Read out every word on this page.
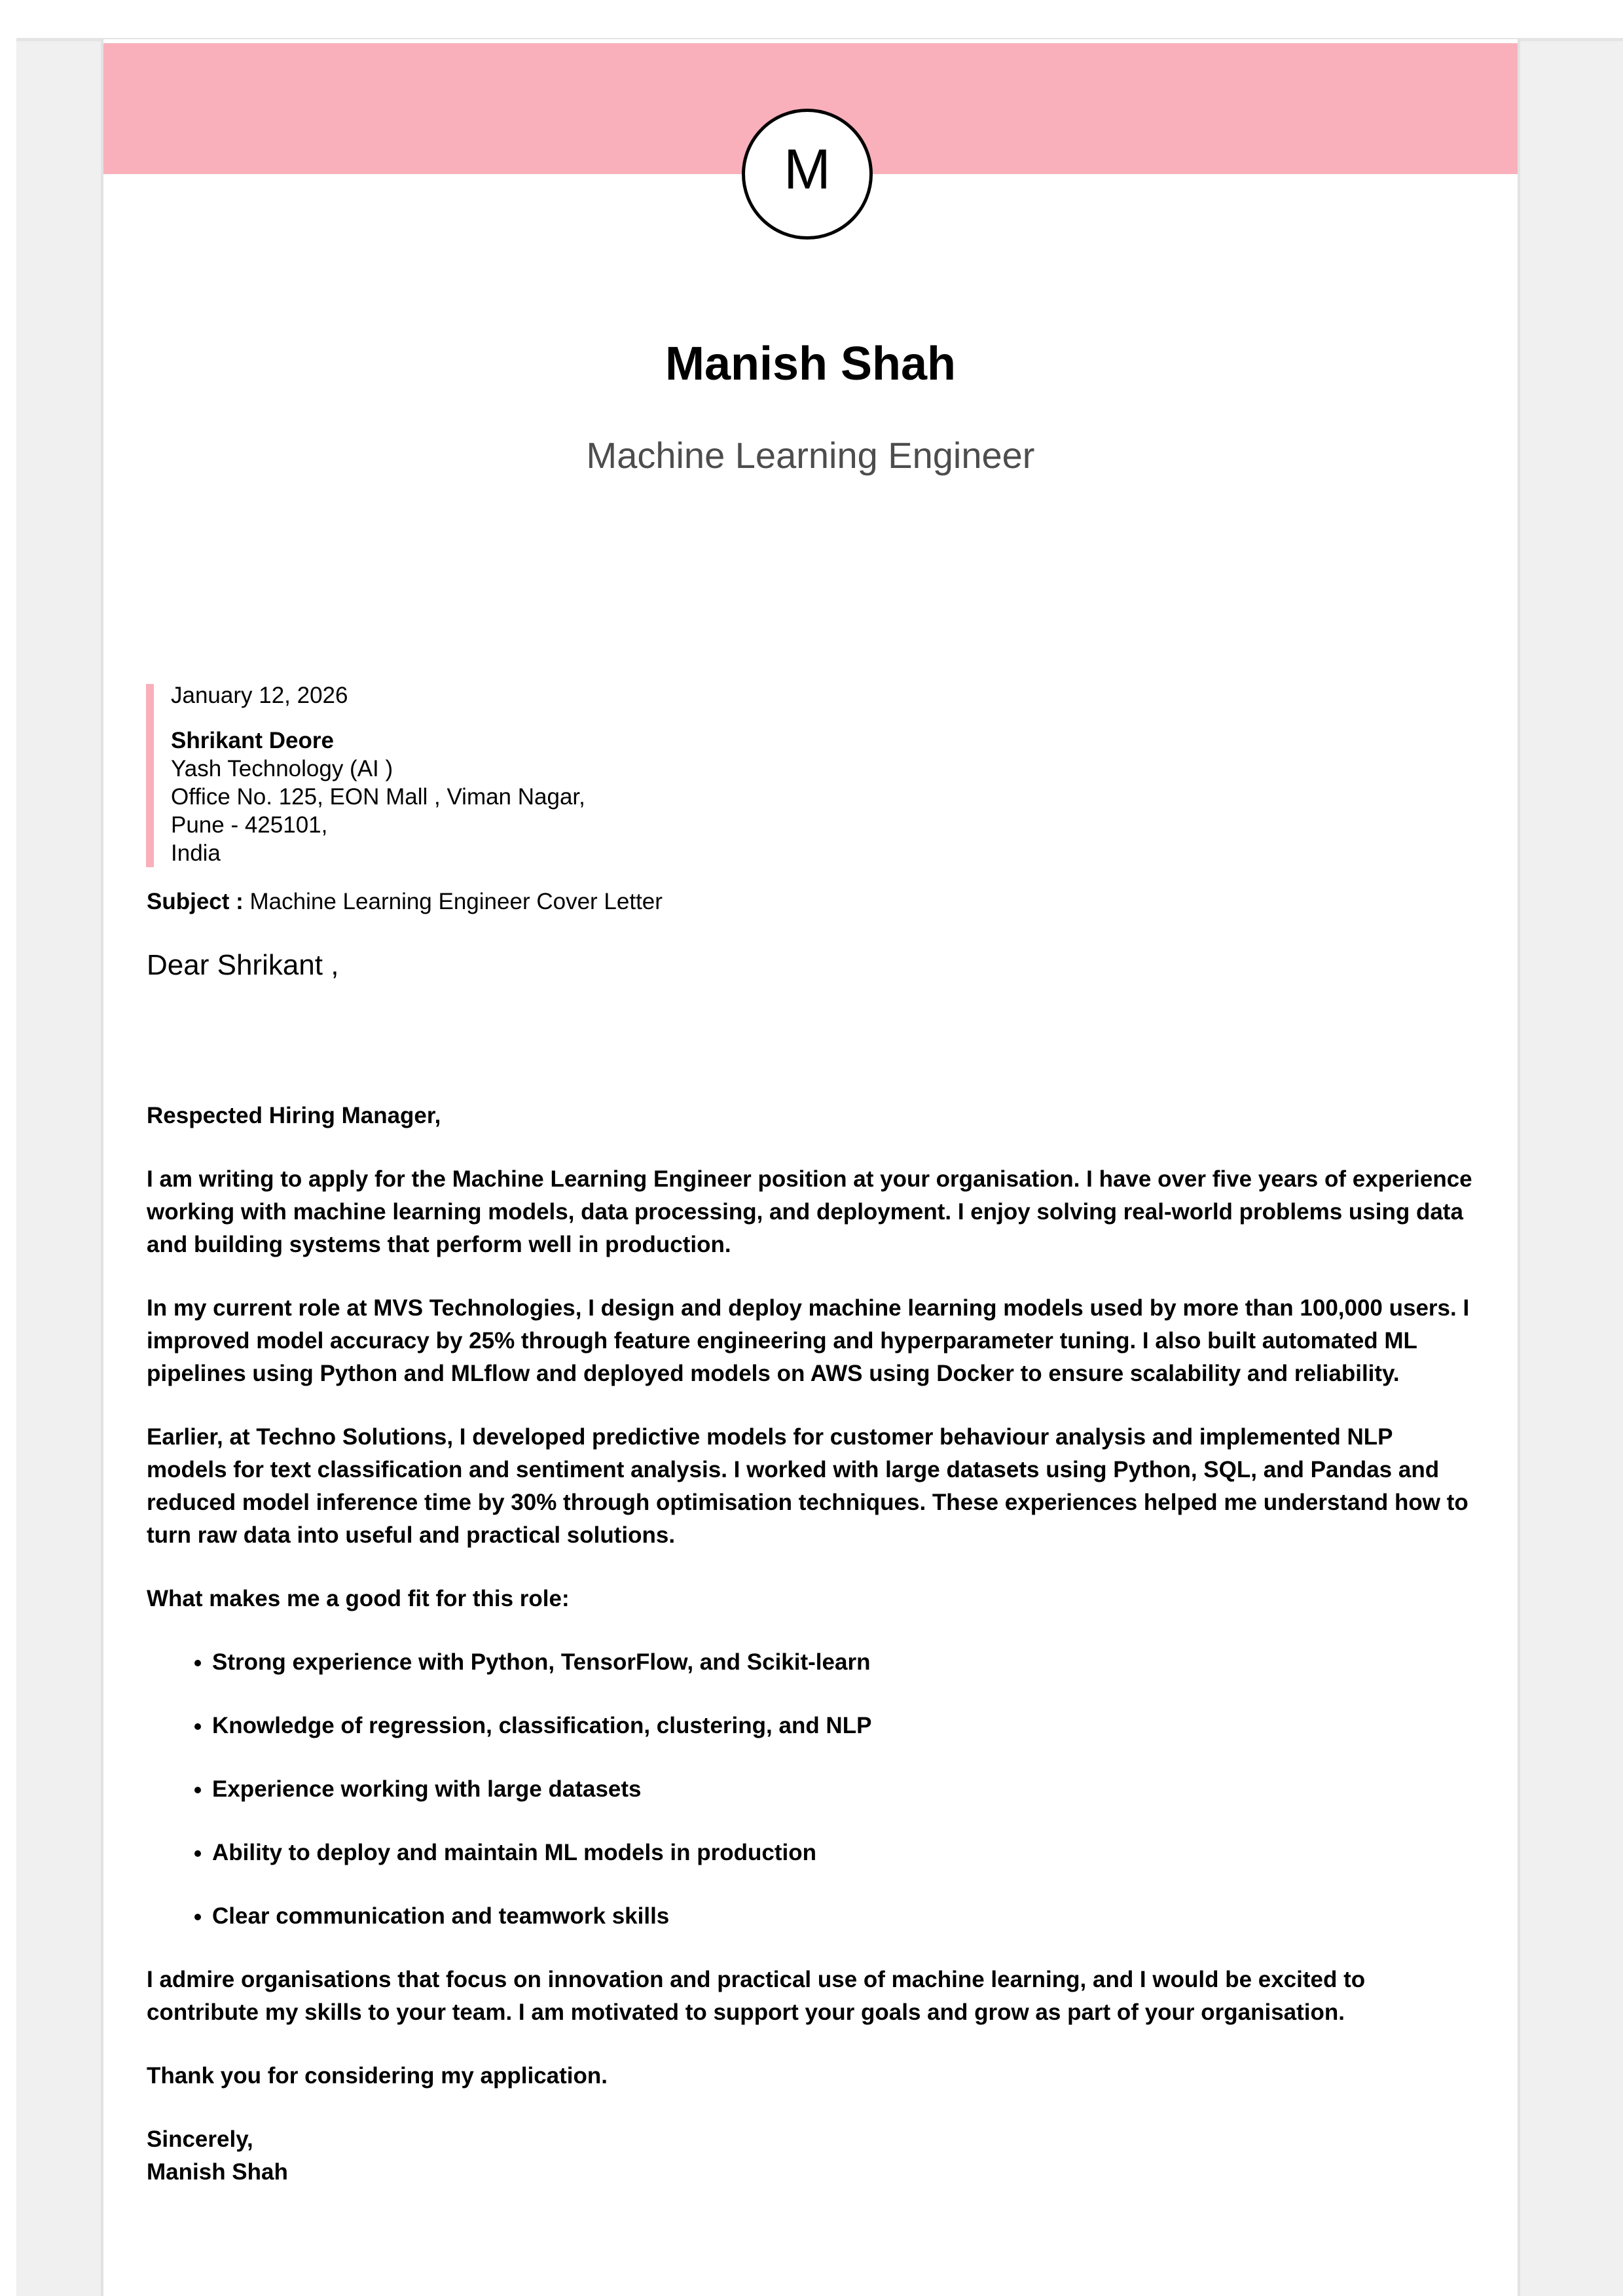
M
Manish Shah
Machine Learning Engineer
January 12, 2026
Shrikant Deore
Yash Technology (AI )
Office No. 125, EON Mall , Viman Nagar,
Pune - 425101,
India
Subject : Machine Learning Engineer Cover Letter
Dear Shrikant ,

Respected Hiring Manager,

I am writing to apply for the Machine Learning Engineer position at your organisation. I have over five years of experience working with machine learning models, data processing, and deployment. I enjoy solving real-world problems using data and building systems that perform well in production.

In my current role at MVS Technologies, I design and deploy machine learning models used by more than 100,000 users. I improved model accuracy by 25% through feature engineering and hyperparameter tuning. I also built automated ML pipelines using Python and MLflow and deployed models on AWS using Docker to ensure scalability and reliability.

Earlier, at Techno Solutions, I developed predictive models for customer behaviour analysis and implemented NLP models for text classification and sentiment analysis. I worked with large datasets using Python, SQL, and Pandas and reduced model inference time by 30% through optimisation techniques. These experiences helped me understand how to turn raw data into useful and practical solutions.

What makes me a good fit for this role:

• Strong experience with Python, TensorFlow, and Scikit-learn
• Knowledge of regression, classification, clustering, and NLP
• Experience working with large datasets
• Ability to deploy and maintain ML models in production
• Clear communication and teamwork skills

I admire organisations that focus on innovation and practical use of machine learning, and I would be excited to contribute my skills to your team. I am motivated to support your goals and grow as part of your organisation.

Thank you for considering my application.

Sincerely,
Manish Shah
